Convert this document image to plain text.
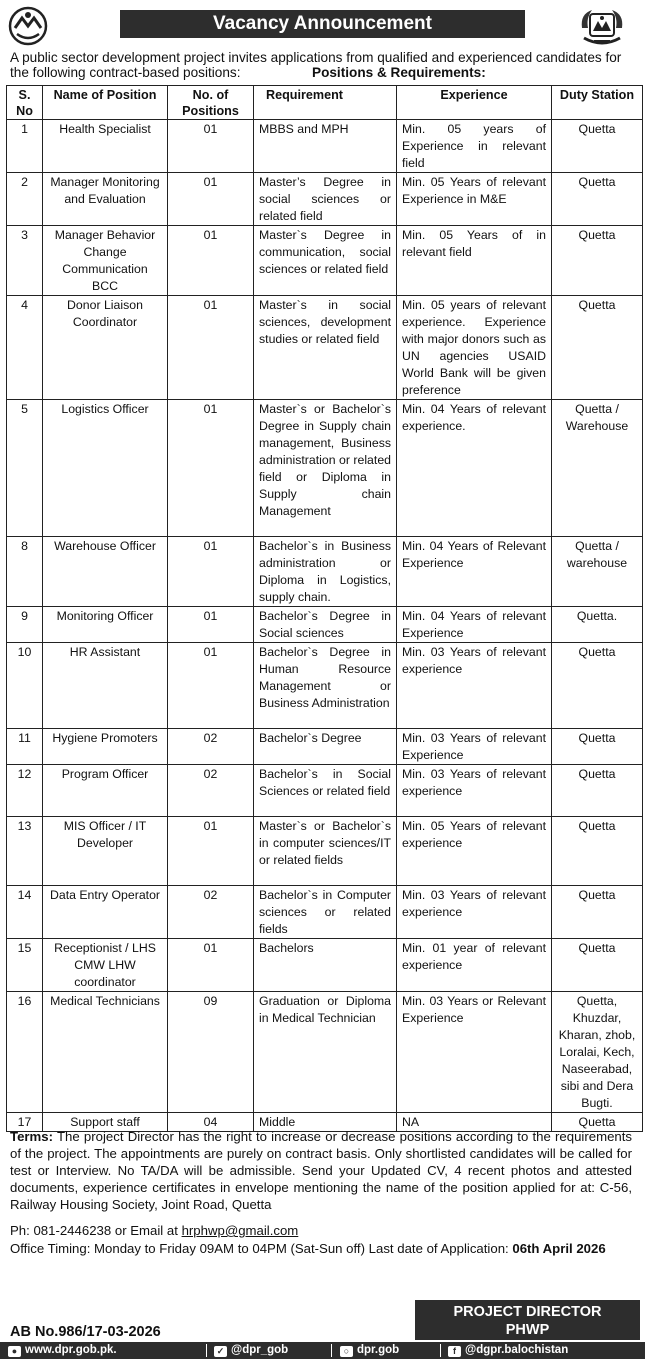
Vacancy Announcement
A public sector development project invites applications from qualified and experienced candidates for the following contract-based positions:	Positions & Requirements:
S. No	Name of Position	No. of Positions	Requirement	Experience	Duty Station
1	Health Specialist	01	MBBS and MPH	Min. 05 years of Experience in relevant field	Quetta
2	Manager Monitoring and Evaluation	01	Master’s Degree in social sciences or related field	Min. 05 Years of relevant Experience in M&E	Quetta
3	Manager Behavior Change Communication BCC	01	Master`s Degree in communication, social sciences or related field	Min. 05 Years of in relevant field	Quetta
4	Donor Liaison Coordinator	01	Master`s in social sciences, development studies or related field	Min. 05 years of relevant experience. Experience with major donors such as UN agencies USAID World Bank will be given preference	Quetta
5	Logistics Officer	01	Master`s or Bachelor`s Degree in Supply chain management, Business administration or related field or Diploma in Supply chain Management	Min. 04 Years of relevant experience.	Quetta / Warehouse
8	Warehouse Officer	01	Bachelor`s in Business administration or Diploma in Logistics, supply chain.	Min. 04 Years of Relevant Experience	Quetta / warehouse
9	Monitoring Officer	01	Bachelor`s Degree in Social sciences	Min. 04 Years of relevant Experience	Quetta.
10	HR Assistant	01	Bachelor`s Degree in Human Resource Management or Business Administration	Min. 03 Years of relevant experience	Quetta
11	Hygiene Promoters	02	Bachelor`s Degree	Min. 03 Years of relevant Experience	Quetta
12	Program Officer	02	Bachelor`s in Social Sciences or related field	Min. 03 Years of relevant experience	Quetta
13	MIS Officer / IT Developer	01	Master`s or Bachelor`s in computer sciences/IT or related fields	Min. 05 Years of relevant experience	Quetta
14	Data Entry Operator	02	Bachelor`s in Computer sciences or related fields	Min. 03 Years of relevant experience	Quetta
15	Receptionist / LHS CMW LHW coordinator	01	Bachelors	Min. 01 year of relevant experience	Quetta
16	Medical Technicians	09	Graduation or Diploma in Medical Technician	Min. 03 Years or Relevant Experience	Quetta, Khuzdar, Kharan, zhob, Loralai, Kech, Naseerabad, sibi and Dera Bugti.
17	Support staff	04	Middle	NA	Quetta
Terms: The project Director has the right to increase or decrease positions according to the requirements of the project. The appointments are purely on contract basis. Only shortlisted candidates will be called for test or Interview. No TA/DA will be admissible. Send your Updated CV, 4 recent photos and attested documents, experience certificates in envelope mentioning the name of the position applied for at: C-56, Railway Housing Society, Joint Road, Quetta
Ph: 081-2446238 or Email at hrphwp@gmail.com
Office Timing: Monday to Friday 09AM to 04PM (Sat-Sun off) Last date of Application: 06th April 2026
AB No.986/17-03-2026
PROJECT DIRECTOR
PHWP
● www.dpr.gob.pk.	✓ @dpr_gob	○ dpr.gob	f @dgpr.balochistan
